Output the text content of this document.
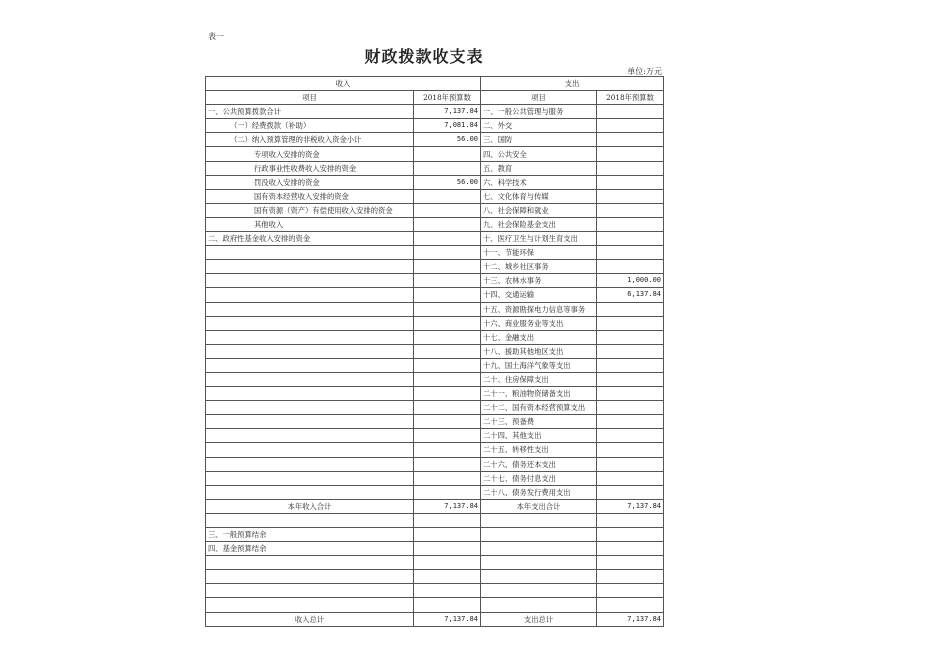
表一
财政拨款收支表
单位:万元
收入		支出	
项目	2018年预算数	项目	2018年预算数
一、公共预算拨款合计	7,137.84	一、一般公共管理与服务	
（一）经费拨款（补助）	7,081.84	二、外交	
（二）纳入预算管理的非税收入资金小计	56.00	三、国防	
专项收入安排的资金		四、公共安全	
行政事业性收费收入安排的资金		五、教育	
罚没收入安排的资金	56.00	六、科学技术	
国有资本经营收入安排的资金		七、文化体育与传媒	
国有资源（资产）有偿使用收入安排的资金		八、社会保障和就业	
其他收入		九、社会保险基金支出	
二、政府性基金收入安排的资金		十、医疗卫生与计划生育支出	
		十一、节能环保	
		十二、城乡社区事务	
		十三、农林水事务	1,000.00
		十四、交通运输	6,137.84
		十五、资源勘探电力信息等事务	
		十六、商业服务业等支出	
		十七、金融支出	
		十八、援助其他地区支出	
		十九、国土海洋气象等支出	
		二十、住房保障支出	
		二十一、粮油物资储备支出	
		二十二、国有资本经营预算支出	
		二十三、预备费	
		二十四、其他支出	
		二十五、转移性支出	
		二十六、债务还本支出	
		二十七、债务付息支出	
		二十八、债务发行费用支出	
本年收入合计	7,137.84	本年支出合计	7,137.84

三、一般预算结余			
四、基金预算结余			

收入总计	7,137.84	支出总计	7,137.84
